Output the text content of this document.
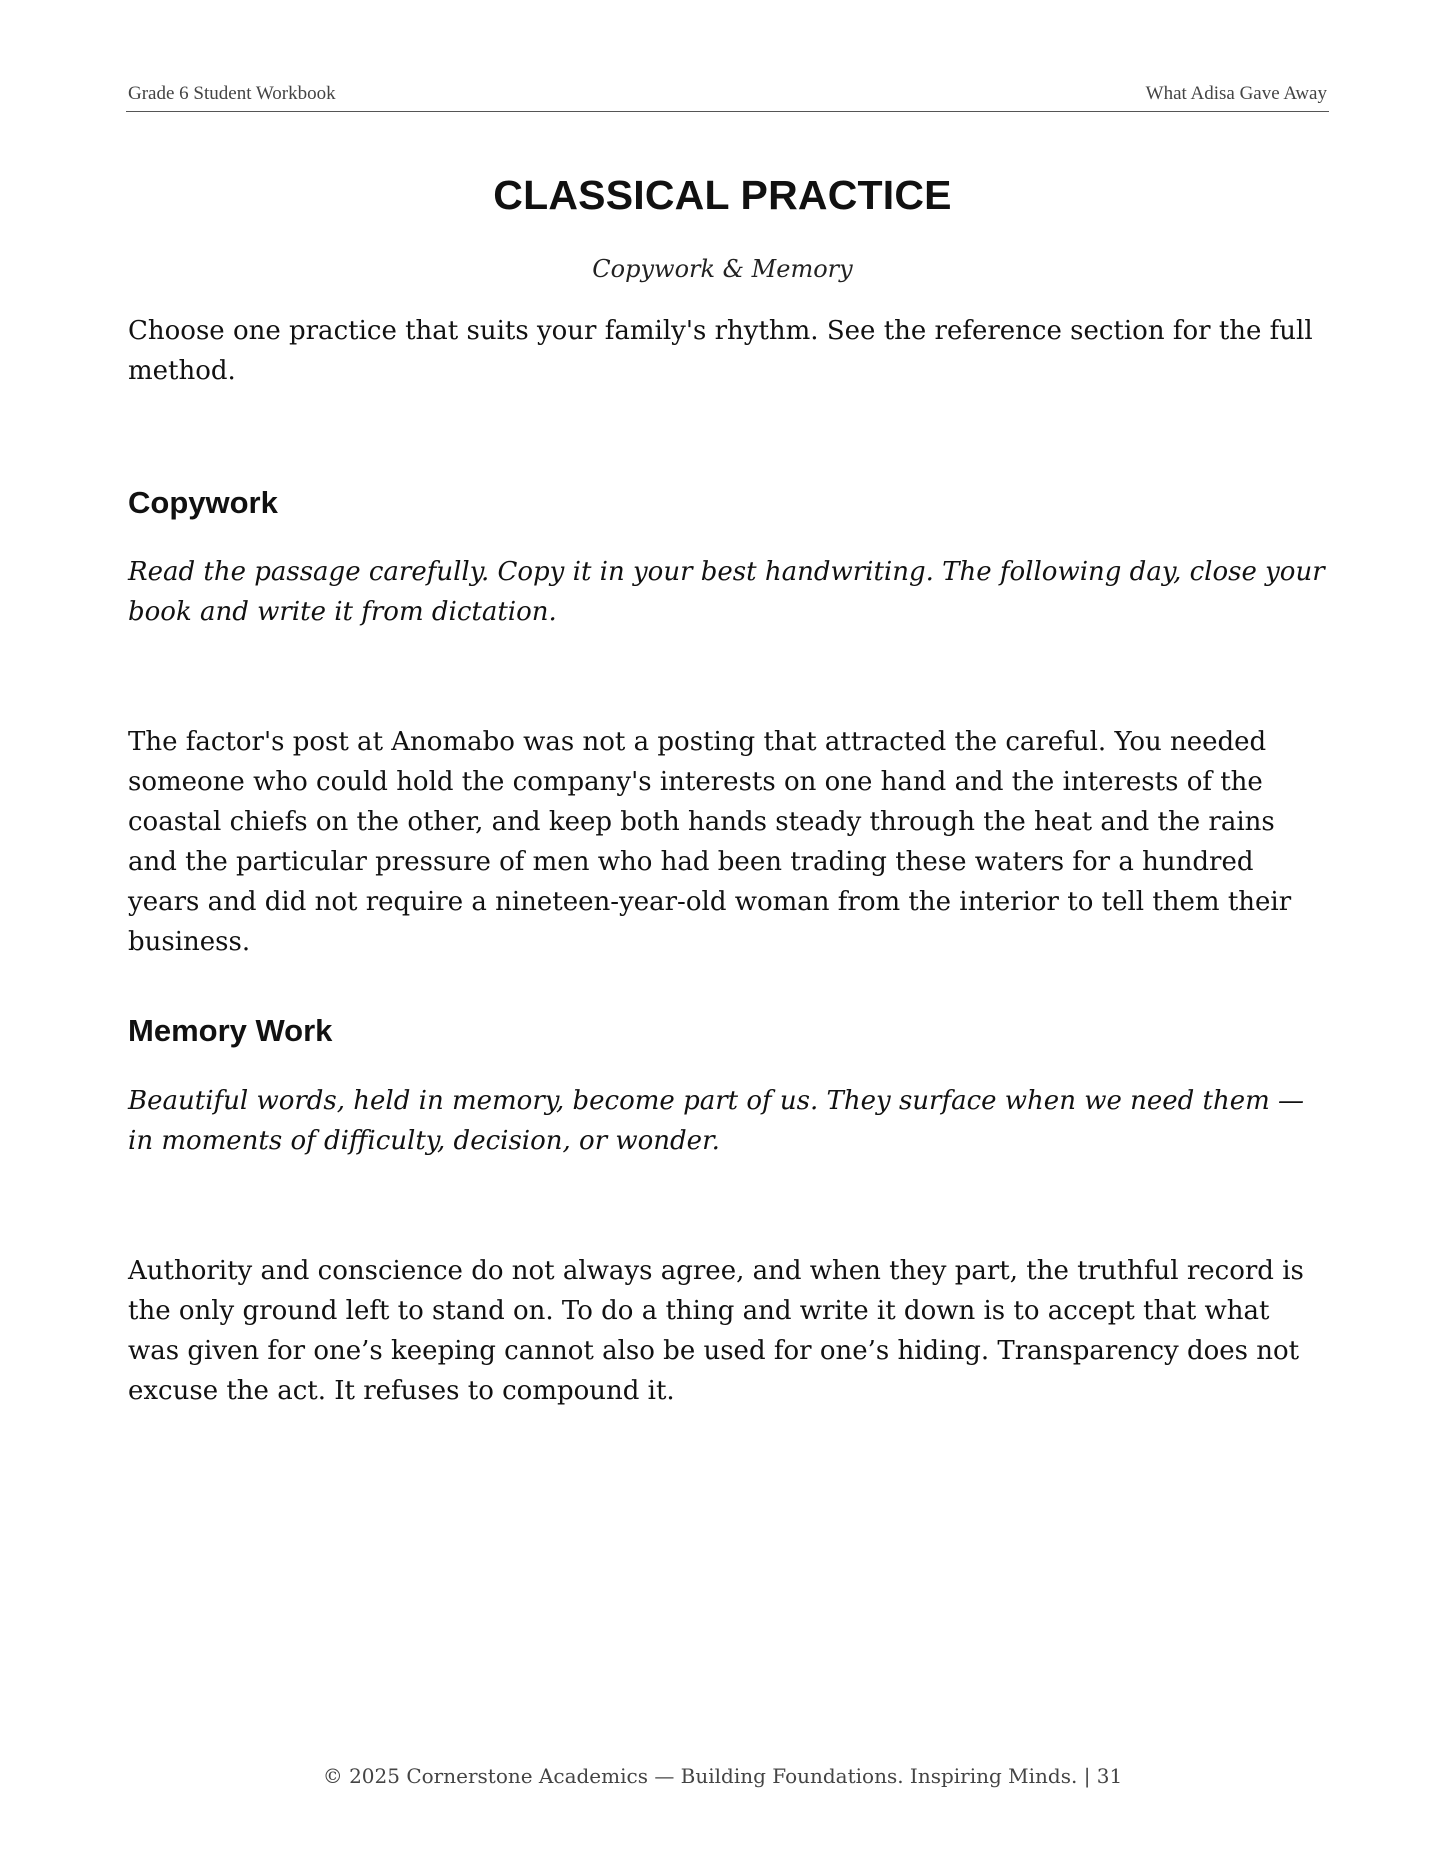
Grade 6 Student Workbook	What Adisa Gave Away
CLASSICAL PRACTICE
Copywork & Memory
Choose one practice that suits your family's rhythm. See the reference section for the full method.
Copywork
Read the passage carefully. Copy it in your best handwriting. The following day, close your book and write it from dictation.
The factor's post at Anomabo was not a posting that attracted the careful. You needed someone who could hold the company's interests on one hand and the interests of the coastal chiefs on the other, and keep both hands steady through the heat and the rains and the particular pressure of men who had been trading these waters for a hundred years and did not require a nineteen-year-old woman from the interior to tell them their business.
Memory Work
Beautiful words, held in memory, become part of us. They surface when we need them — in moments of difficulty, decision, or wonder.
Authority and conscience do not always agree, and when they part, the truthful record is the only ground left to stand on. To do a thing and write it down is to accept that what was given for one’s keeping cannot also be used for one’s hiding. Transparency does not excuse the act. It refuses to compound it.
© 2025 Cornerstone Academics — Building Foundations. Inspiring Minds. | 31
